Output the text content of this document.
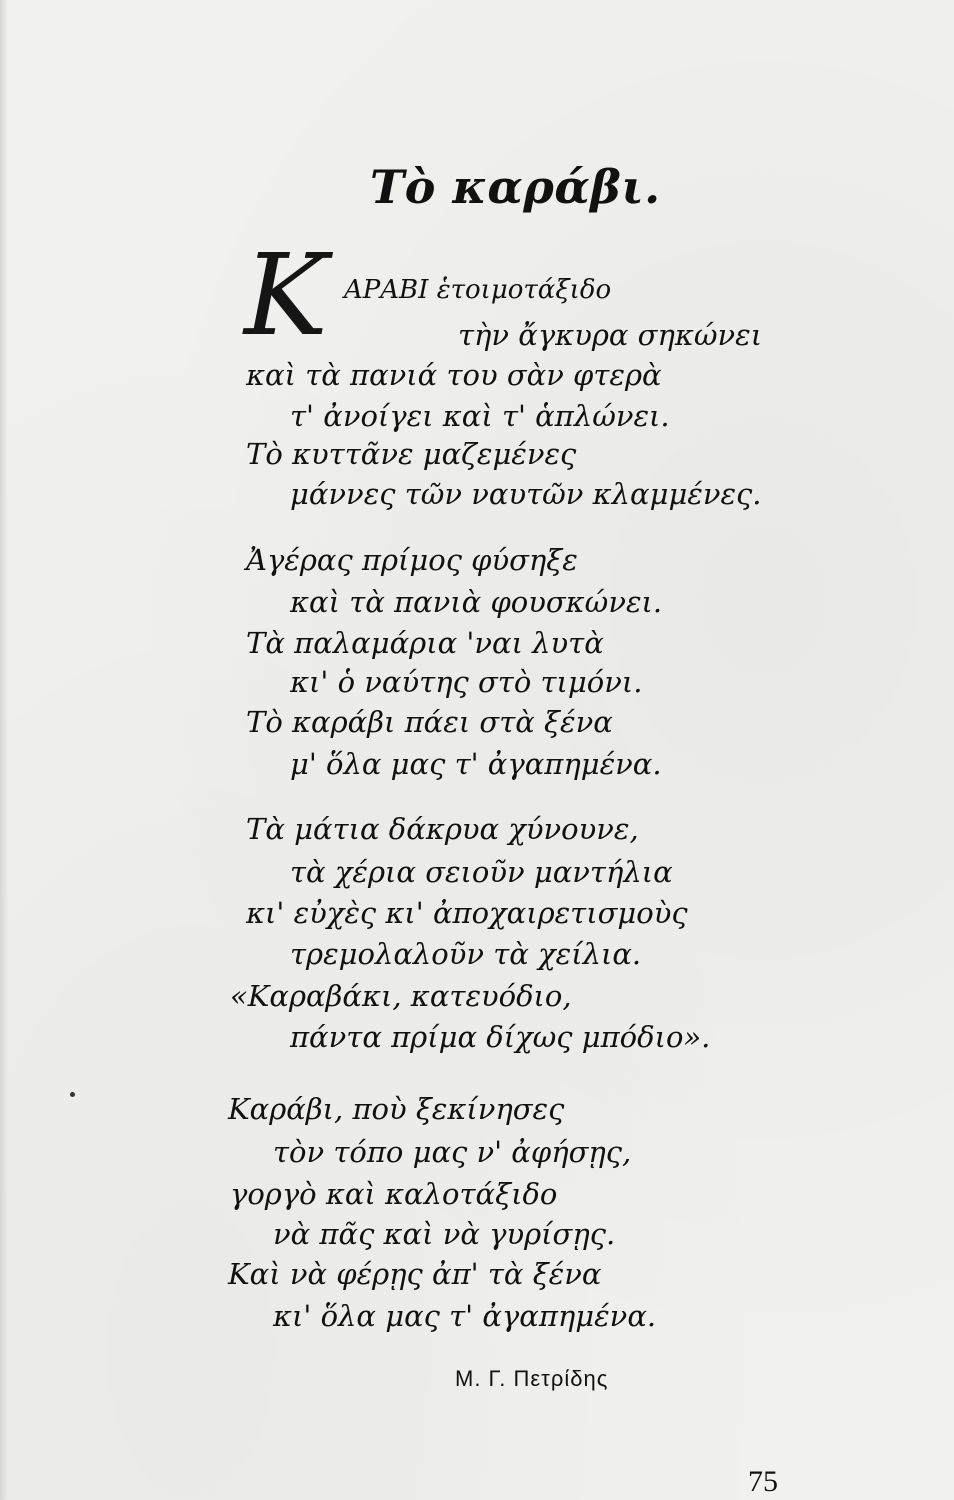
Τὸ καράβι.
Κ ΑΡΑΒΙ ἑτοιμοτάξιδο
τὴν ἄγκυρα σηκώνει
καὶ τὰ πανιά του σὰν φτερὰ
τ' ἀνοίγει καὶ τ' ἁπλώνει.
Τὸ κυττᾶνε μαζεμένες
μάννες τῶν ναυτῶν κλαμμένες.
Ἀγέρας πρίμος φύσηξε
καὶ τὰ πανιὰ φουσκώνει.
Τὰ παλαμάρια 'ναι λυτὰ
κι' ὁ ναύτης στὸ τιμόνι.
Τὸ καράβι πάει στὰ ξένα
μ' ὅλα μας τ' ἀγαπημένα.
Τὰ μάτια δάκρυα χύνουνε,
τὰ χέρια σειοῦν μαντήλια
κι' εὐχὲς κι' ἀποχαιρετισμοὺς
τρεμολαλοῦν τὰ χείλια.
«Καραβάκι, κατευόδιο,
πάντα πρίμα δίχως μπόδιο».
Καράβι, ποὺ ξεκίνησες
τὸν τόπο μας ν' ἀφήσῃς,
γοργὸ καὶ καλοτάξιδο
νὰ πᾶς καὶ νὰ γυρίσῃς.
Καὶ νὰ φέρῃς ἀπ' τὰ ξένα
κι' ὅλα μας τ' ἀγαπημένα.
Μ. Γ. Πετρίδης
75
